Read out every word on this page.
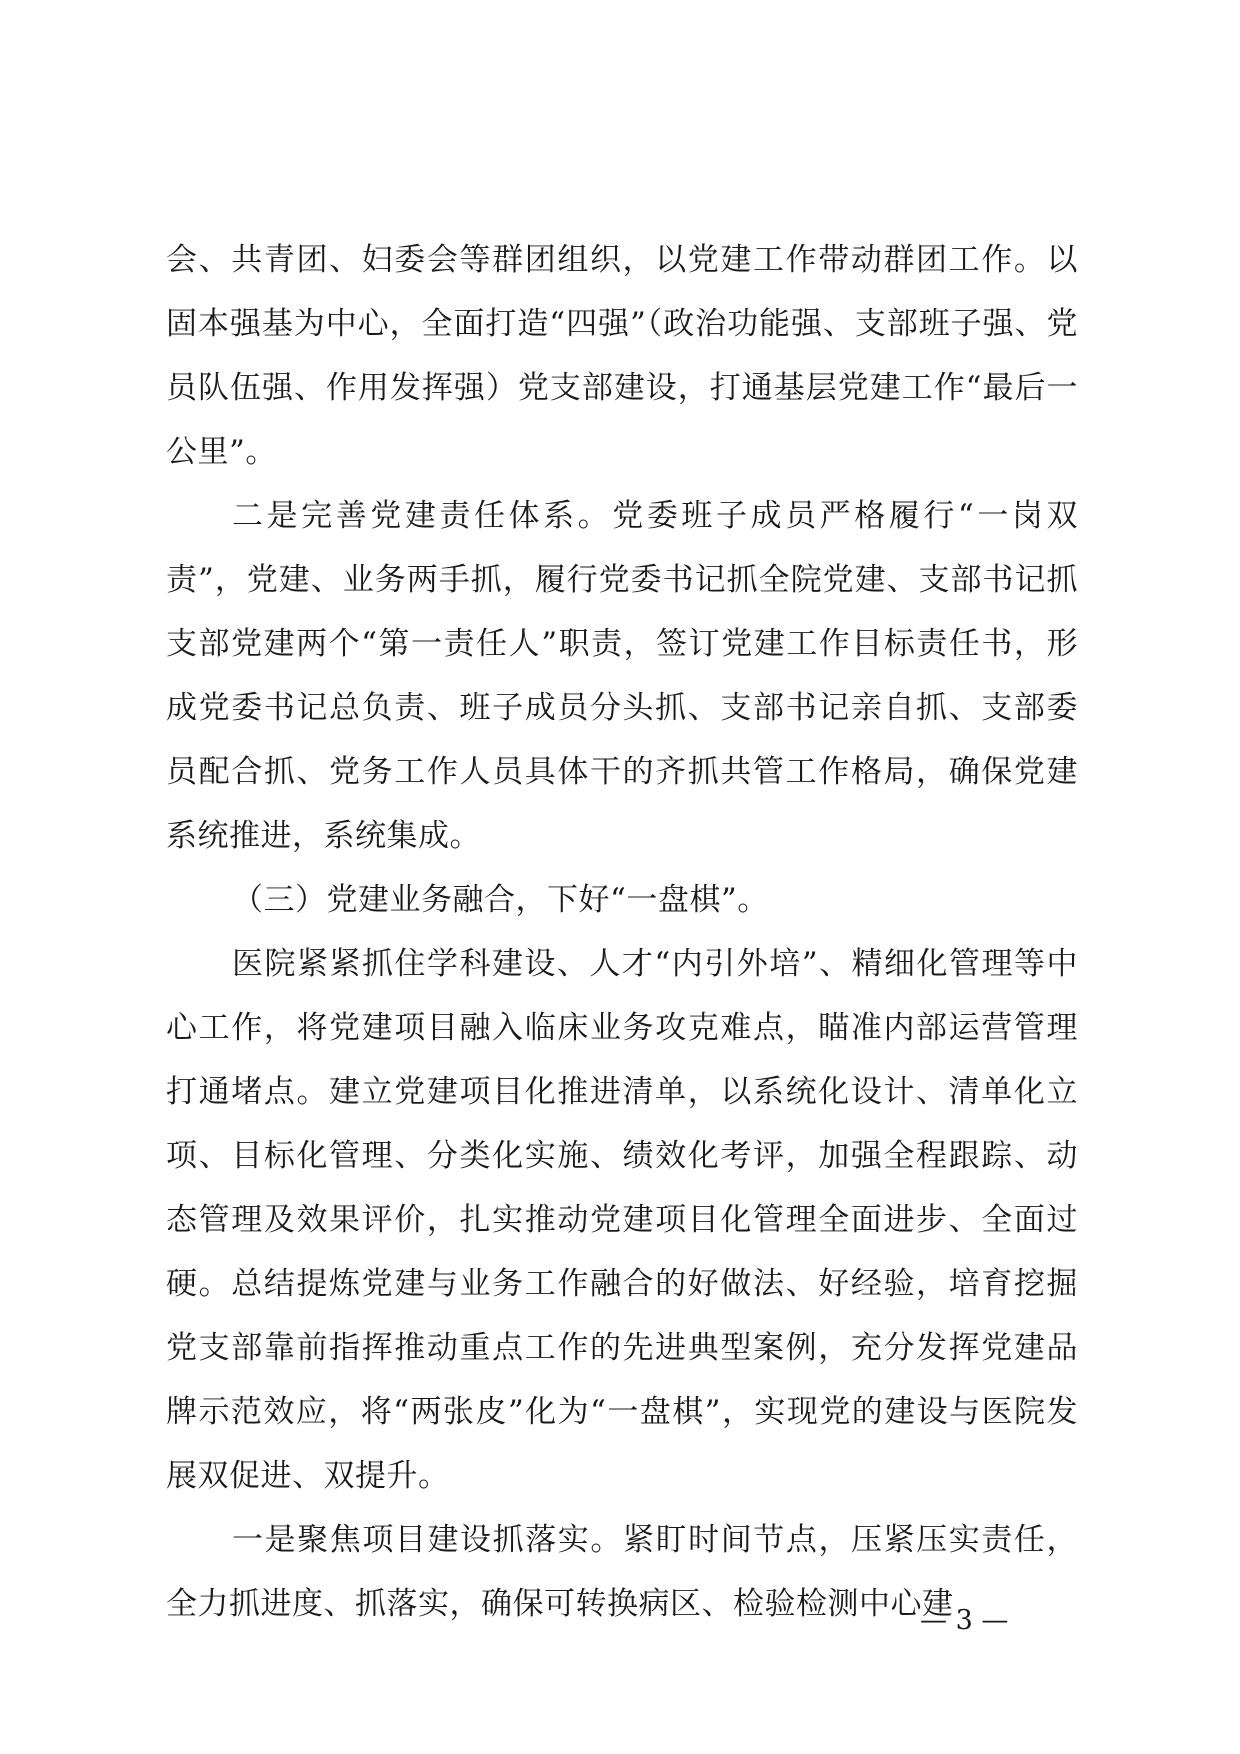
会、共青团、妇委会等群团组织，以党建工作带动群团工作。以固本强基为中心，全面打造“四强”（政治功能强、支部班子强、党员队伍强、作用发挥强）党支部建设，打通基层党建工作“最后一公里”。

二是完善党建责任体系。党委班子成员严格履行“一岗双责”，党建、业务两手抓，履行党委书记抓全院党建、支部书记抓支部党建两个“第一责任人”职责，签订党建工作目标责任书，形成党委书记总负责、班子成员分头抓、支部书记亲自抓、支部委员配合抓、党务工作人员具体干的齐抓共管工作格局，确保党建系统推进，系统集成。

（三）党建业务融合，下好“一盘棋”。

医院紧紧抓住学科建设、人才“内引外培”、精细化管理等中心工作，将党建项目融入临床业务攻克难点，瞄准内部运营管理打通堵点。建立党建项目化推进清单，以系统化设计、清单化立项、目标化管理、分类化实施、绩效化考评，加强全程跟踪、动态管理及效果评价，扎实推动党建项目化管理全面进步、全面过硬。总结提炼党建与业务工作融合的好做法、好经验，培育挖掘党支部靠前指挥推动重点工作的先进典型案例，充分发挥党建品牌示范效应，将“两张皮”化为“一盘棋”，实现党的建设与医院发展双促进、双提升。

一是聚焦项目建设抓落实。紧盯时间节点，压紧压实责任，全力抓进度、抓落实，确保可转换病区、检验检测中心建

— 3 —
